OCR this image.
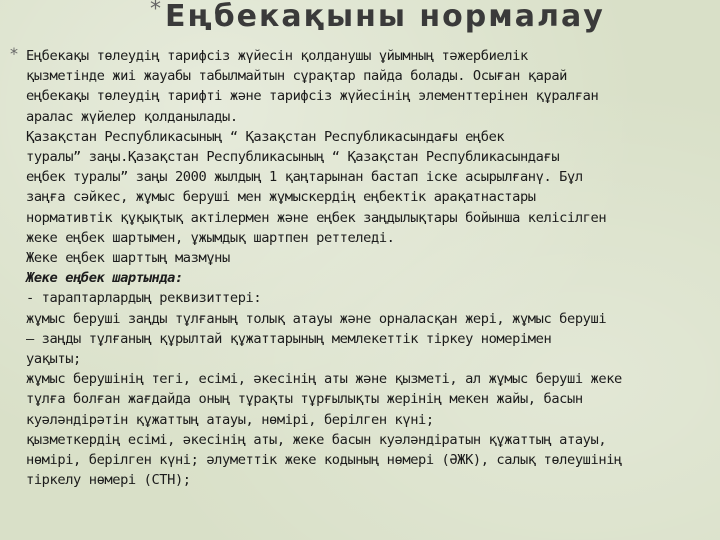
* Еңбекақыны нормалау
* Еңбекақы төлеудің тарифсіз жүйесін қолданушы ұйымның тәжербиелік
қызметінде жиі жауабы табылмайтын сұрақтар пайда болады. Осыған қарай
еңбекақы төлеудің тарифті және тарифсіз жүйесінің элементтерінен құралған
аралас жүйелер қолданылады.
Қазақстан Республикасының “ Қазақстан Республикасындағы еңбек
туралы” заңы.Қазақстан Республикасының “ Қазақстан Республикасындағы
еңбек туралы” заңы 2000 жылдың 1 қаңтарынан бастап іске асырылғанү. Бұл
заңға сәйкес, жұмыс беруші мен жұмыскердің еңбектік арақатнастары
нормативтік құқықтық актілермен және еңбек заңдылықтары бойынша келісілген
жеке еңбек шартымен, ұжымдық шартпен реттеледі.
Жеке еңбек шарттың мазмұны
Жеке еңбек шартында:
- тараптарлардың реквизиттері:
жұмыс беруші заңды тұлғаның толық атауы және орналасқан жері, жұмыс беруші
– заңды тұлғаның құрылтай құжаттарының мемлекеттік тіркеу номерімен
уақыты;
жұмыс берушінің тегі, есімі, әкесінің аты және қызметі, ал жұмыс беруші жеке
тұлға болған жағдайда оның тұрақты тұрғылықты жерінің мекен жайы, басын
куәләндірәтін құжаттың атауы, нөмірі, берілген күні;
қызметкердің есімі, әкесінің аты, жеке басын куәләндіратын құжаттың атауы,
нөмірі, берілген күні; әлуметтік жеке кодының нөмері (ӘЖК), салық төлеушінің
тіркелу нөмері (СТН);
